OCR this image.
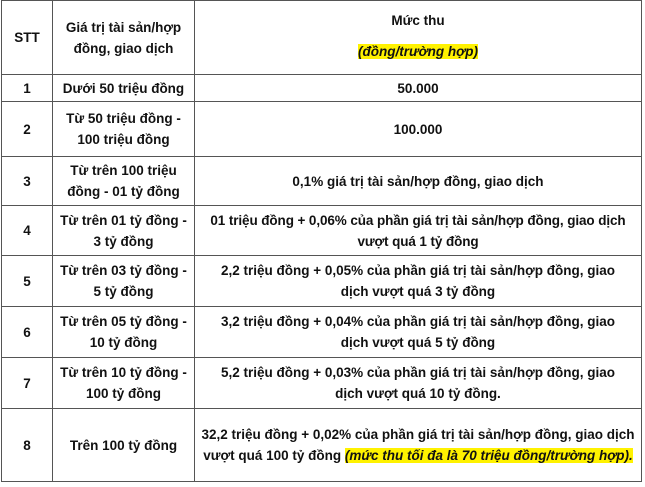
STT	Giá trị tài sản/hợp đồng, giao dịch	Mức thu
(đồng/trường hợp)

1	Dưới 50 triệu đồng	50.000
2	Từ 50 triệu đồng - 100 triệu đồng	100.000
3	Từ trên 100 triệu đồng - 01 tỷ đồng	0,1% giá trị tài sản/hợp đồng, giao dịch
4	Từ trên 01 tỷ đồng - 3 tỷ đồng	01 triệu đồng + 0,06% của phần giá trị tài sản/hợp đồng, giao dịch vượt quá 1 tỷ đồng
5	Từ trên 03 tỷ đồng - 5 tỷ đồng	2,2 triệu đồng + 0,05% của phần giá trị tài sản/hợp đồng, giao dịch vượt quá 3 tỷ đồng

6	Từ trên 05 tỷ đồng - 10 tỷ đồng	3,2 triệu đồng + 0,04% của phần giá trị tài sản/hợp đồng, giao dịch vượt quá 5 tỷ đồng

7	Từ trên 10 tỷ đồng - 100 tỷ đồng	5,2 triệu đồng + 0,03% của phần giá trị tài sản/hợp đồng, giao dịch vượt quá 10 tỷ đồng.

8	Trên 100 tỷ đồng	32,2 triệu đồng + 0,02% của phần giá trị tài sản/hợp đồng, giao dịch vượt quá 100 tỷ đồng (mức thu tối đa là 70 triệu đồng/trường hợp).
